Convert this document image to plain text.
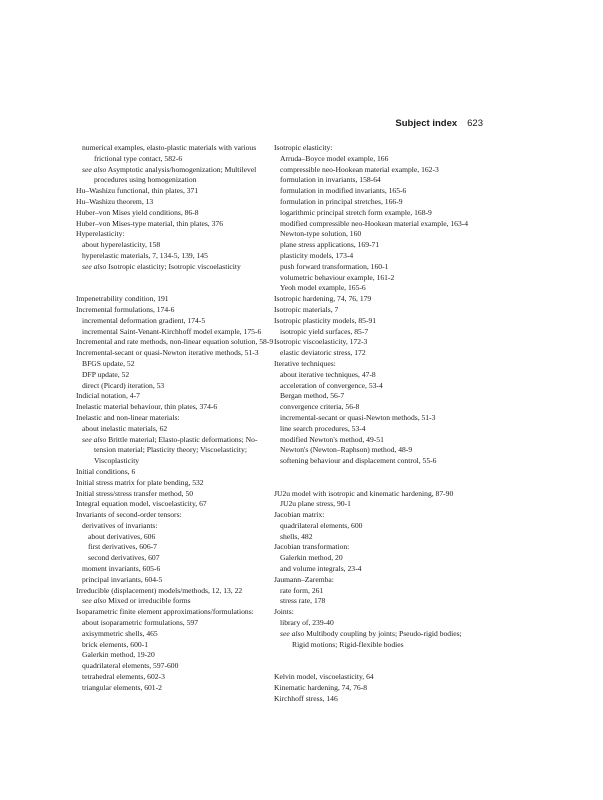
Subject index 623
numerical examples, elasto-plastic materials with various frictional type contact, 582-6
see also Asymptotic analysis/homogenization; Multilevel procedures using homogenization
Hu–Washizu functional, thin plates, 371
Hu–Washizu theorem, 13
Huber–von Mises yield conditions, 86-8
Huber–von Mises-type material, thin plates, 376
Hyperelasticity:
about hyperelasticity, 158
hyperelastic materials, 7, 134-5, 139, 145
see also Isotropic elasticity; Isotropic viscoelasticity
Impenetrability condition, 191
Incremental formulations, 174-6
incremental deformation gradient, 174-5
incremental Saint-Venant-Kirchhoff model example, 175-6
Incremental and rate methods, non-linear equation solution, 58-9
Incremental-secant or quasi-Newton iterative methods, 51-3
BFGS update, 52
DFP update, 52
direct (Picard) iteration, 53
Indicial notation, 4-7
Inelastic material behaviour, thin plates, 374-6
Inelastic and non-linear materials:
about inelastic materials, 62
see also Brittle material; Elasto-plastic deformations; No-tension material; Plasticity theory; Viscoelasticity; Viscoplasticity
Initial conditions, 6
Initial stress matrix for plate bending, 532
Initial stress/stress transfer method, 50
Integral equation model, viscoelasticity, 67
Invariants of second-order tensors:
derivatives of invariants:
about derivatives, 606
first derivatives, 606-7
second derivatives, 607
moment invariants, 605-6
principal invariants, 604-5
Irreducible (displacement) models/methods, 12, 13, 22
see also Mixed or irreducible forms
Isoparametric finite element approximations/formulations:
about isoparametric formulations, 597
axisymmetric shells, 465
brick elements, 600-1
Galerkin method, 19-20
quadrilateral elements, 597-600
tetrahedral elements, 602-3
triangular elements, 601-2
Isotropic elasticity:
Arruda–Boyce model example, 166
compressible neo-Hookean material example, 162-3
formulation in invariants, 158-64
formulation in modified invariants, 165-6
formulation in principal stretches, 166-9
logarithmic principal stretch form example, 168-9
modified compressible neo-Hookean material example, 163-4
Newton-type solution, 160
plane stress applications, 169-71
plasticity models, 173-4
push forward transformation, 160-1
volumetric behaviour example, 161-2
Yeoh model example, 165-6
Isotropic hardening, 74, 76, 179
Isotropic materials, 7
Isotropic plasticity models, 85-91
isotropic yield surfaces, 85-7
Isotropic viscoelasticity, 172-3
elastic deviatoric stress, 172
Iterative techniques:
about iterative techniques, 47-8
acceleration of convergence, 53-4
Bergan method, 56-7
convergence criteria, 56-8
incremental-secant or quasi-Newton methods, 51-3
line search procedures, 53-4
modified Newton's method, 49-51
Newton's (Newton–Raphson) method, 48-9
softening behaviour and displacement control, 55-6
JU2u model with isotropic and kinematic hardening, 87-90
JU2u plane stress, 90-1
Jacobian matrix:
quadrilateral elements, 600
shells, 482
Jacobian transformation:
Galerkin method, 20
and volume integrals, 23-4
Jaumann–Zaremba:
rate form, 261
stress rate, 178
Joints:
library of, 239-40
see also Multibody coupling by joints; Pseudo-rigid bodies; Rigid motions; Rigid-flexible bodies
Kelvin model, viscoelasticity, 64
Kinematic hardening, 74, 76-8
Kirchhoff stress, 146
